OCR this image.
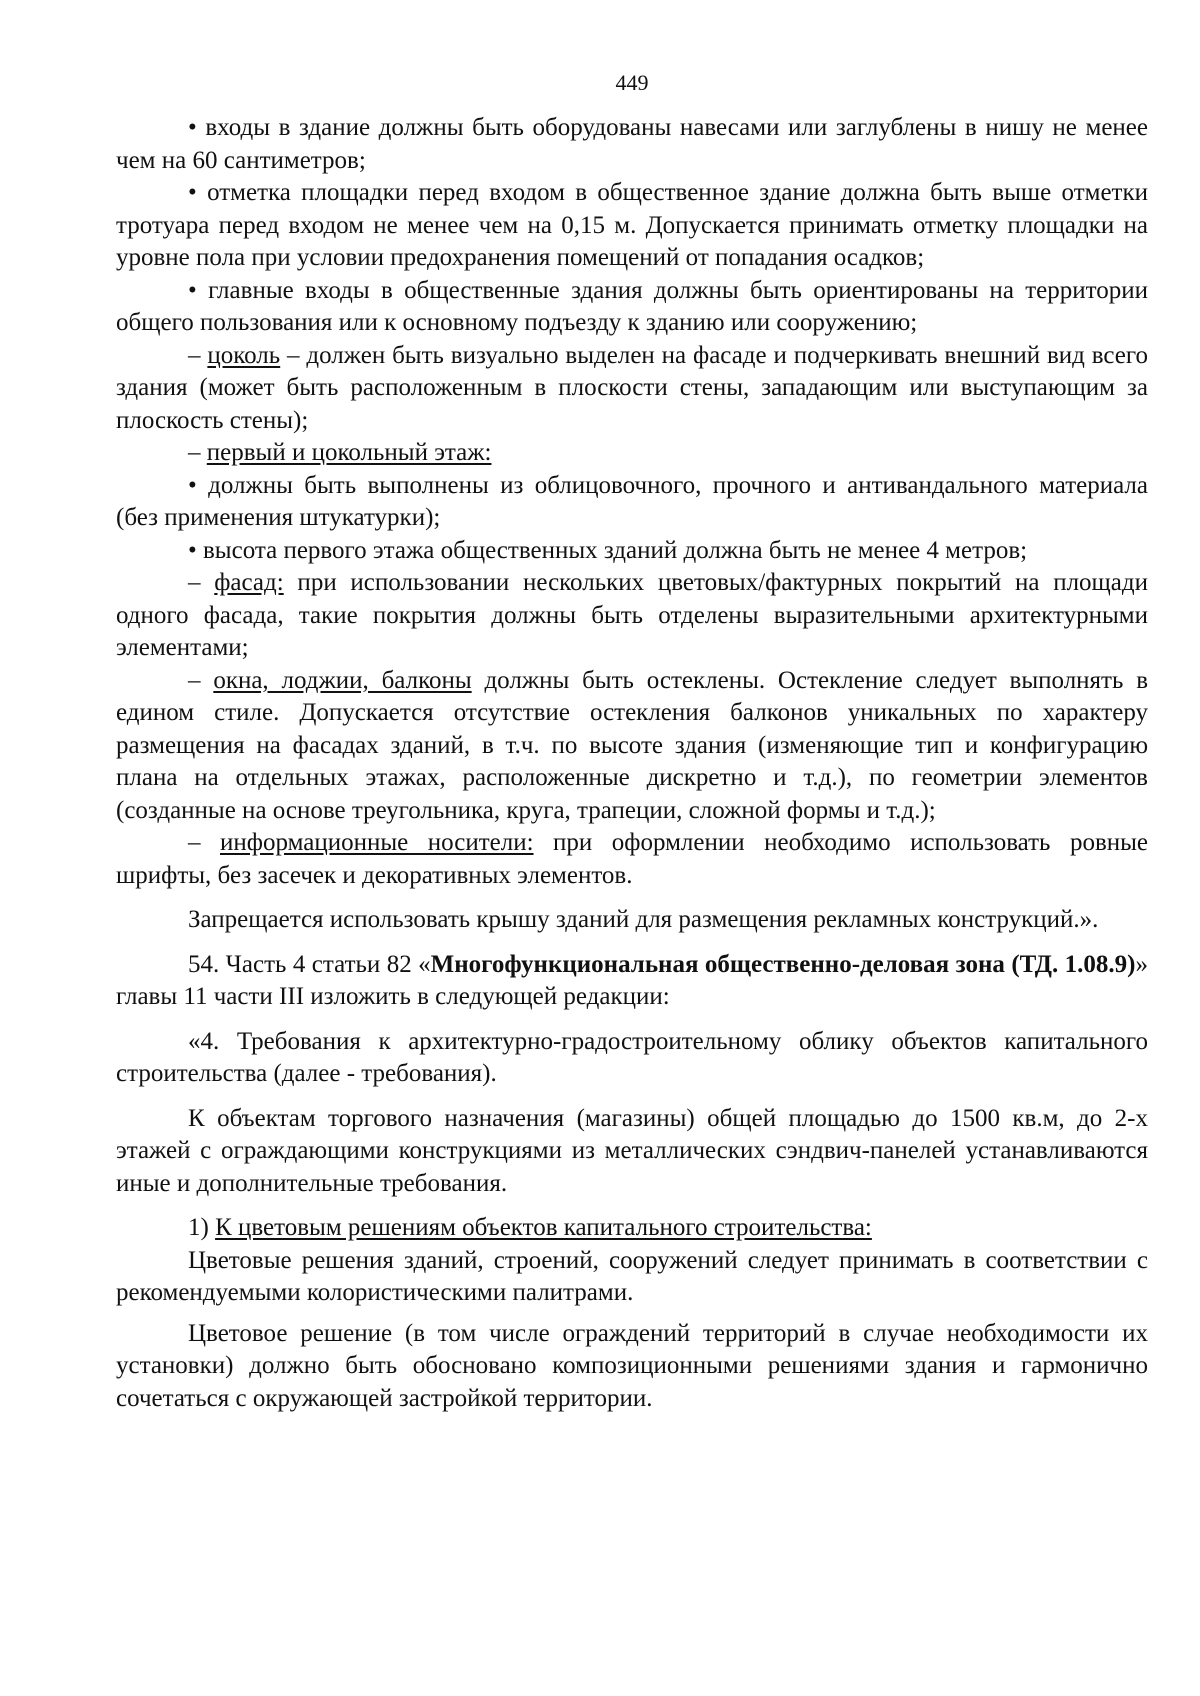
449

• входы в здание должны быть оборудованы навесами или заглублены в нишу не менее чем на 60 сантиметров;

• отметка площадки перед входом в общественное здание должна быть выше отметки тротуара перед входом не менее чем на 0,15 м. Допускается принимать отметку площадки на уровне пола при условии предохранения помещений от попадания осадков;

• главные входы в общественные здания должны быть ориентированы на территории общего пользования или к основному подъезду к зданию или сооружению;

– цоколь – должен быть визуально выделен на фасаде и подчеркивать внешний вид всего здания (может быть расположенным в плоскости стены, западающим или выступающим за плоскость стены);

– первый и цокольный этаж:

• должны быть выполнены из облицовочного, прочного и антивандального материала (без применения штукатурки);

• высота первого этажа общественных зданий должна быть не менее 4 метров;

– фасад: при использовании нескольких цветовых/фактурных покрытий на площади одного фасада, такие покрытия должны быть отделены выразительными архитектурными элементами;

– окна, лоджии, балконы должны быть остеклены. Остекление следует выполнять в едином стиле. Допускается отсутствие остекления балконов уникальных по характеру размещения на фасадах зданий, в т.ч. по высоте здания (изменяющие тип и конфигурацию плана на отдельных этажах, расположенные дискретно и т.д.), по геометрии элементов (созданные на основе треугольника, круга, трапеции, сложной формы и т.д.);

– информационные носители: при оформлении необходимо использовать ровные шрифты, без засечек и декоративных элементов.

Запрещается использовать крышу зданий для размещения рекламных конструкций.».

54. Часть 4 статьи 82 «Многофункциональная общественно-деловая зона (ТД. 1.08.9)» главы 11 части III изложить в следующей редакции:

«4. Требования к архитектурно-градостроительному облику объектов капитального строительства (далее - требования).

К объектам торгового назначения (магазины) общей площадью до 1500 кв.м, до 2-х этажей с ограждающими конструкциями из металлических сэндвич-панелей устанавливаются иные и дополнительные требования.

1) К цветовым решениям объектов капитального строительства:

Цветовые решения зданий, строений, сооружений следует принимать в соответствии с рекомендуемыми колористическими палитрами.

Цветовое решение (в том числе ограждений территорий в случае необходимости их установки) должно быть обосновано композиционными решениями здания и гармонично сочетаться с окружающей застройкой территории.
